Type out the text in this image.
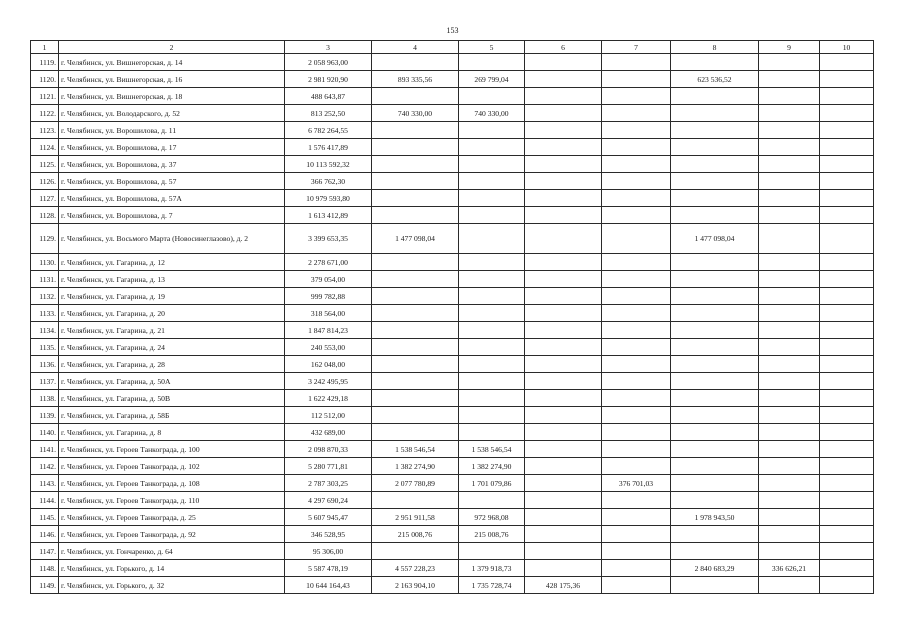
153
1	2	3	4	5	6	7	8	9	10
1119.	г. Челябинск, ул. Вишнегорская, д. 14	2 058 963,00							
1120.	г. Челябинск, ул. Вишнегорская, д. 16	2 981 920,90	893 335,56	269 799,04			623 536,52		
1121.	г. Челябинск, ул. Вишнегорская, д. 18	488 643,87							
1122.	г. Челябинск, ул. Володарского, д. 52	813 252,50	740 330,00	740 330,00					
1123.	г. Челябинск, ул. Ворошилова, д. 11	6 782 264,55							
1124.	г. Челябинск, ул. Ворошилова, д. 17	1 576 417,89							
1125.	г. Челябинск, ул. Ворошилова, д. 37	10 113 592,32							
1126.	г. Челябинск, ул. Ворошилова, д. 57	366 762,30							
1127.	г. Челябинск, ул. Ворошилова, д. 57А	10 979 593,80							
1128.	г. Челябинск, ул. Ворошилова, д. 7	1 613 412,89							
1129.	г. Челябинск, ул. Восьмого Марта (Новосинеглазово), д. 2	3 399 653,35	1 477 098,04				1 477 098,04		
1130.	г. Челябинск, ул. Гагарина, д. 12	2 278 671,00							
1131.	г. Челябинск, ул. Гагарина, д. 13	379 054,00							
1132.	г. Челябинск, ул. Гагарина, д. 19	999 782,88							
1133.	г. Челябинск, ул. Гагарина, д. 20	318 564,00							
1134.	г. Челябинск, ул. Гагарина, д. 21	1 847 814,23							
1135.	г. Челябинск, ул. Гагарина, д. 24	240 553,00							
1136.	г. Челябинск, ул. Гагарина, д. 28	162 048,00							
1137.	г. Челябинск, ул. Гагарина, д. 50А	3 242 495,95							
1138.	г. Челябинск, ул. Гагарина, д. 50В	1 622 429,18							
1139.	г. Челябинск, ул. Гагарина, д. 58Б	112 512,00							
1140.	г. Челябинск, ул. Гагарина, д. 8	432 689,00							
1141.	г. Челябинск, ул. Героев Танкограда, д. 100	2 098 870,33	1 538 546,54	1 538 546,54					
1142.	г. Челябинск, ул. Героев Танкограда, д. 102	5 280 771,81	1 382 274,90	1 382 274,90					
1143.	г. Челябинск, ул. Героев Танкограда, д. 108	2 787 303,25	2 077 780,89	1 701 079,86		376 701,03			
1144.	г. Челябинск, ул. Героев Танкограда, д. 110	4 297 690,24							
1145.	г. Челябинск, ул. Героев Танкограда, д. 25	5 607 945,47	2 951 911,58	972 968,08			1 978 943,50		
1146.	г. Челябинск, ул. Героев Танкограда, д. 92	346 528,95	215 008,76	215 008,76					
1147.	г. Челябинск, ул. Гончаренко, д. 64	95 306,00							
1148.	г. Челябинск, ул. Горького, д. 14	5 587 478,19	4 557 228,23	1 379 918,73			2 840 683,29	336 626,21	
1149.	г. Челябинск, ул. Горького, д. 32	10 644 164,43	2 163 904,10	1 735 728,74	428 175,36				
